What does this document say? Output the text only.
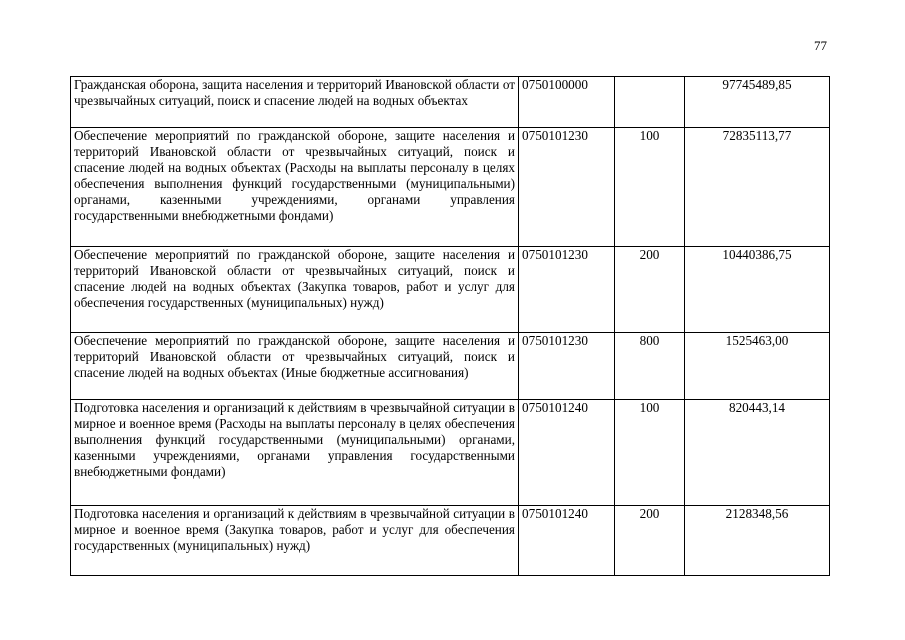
77
Гражданская оборона, защита населения и территорий Ивановской области от чрезвычайных ситуаций, поиск и спасение людей на водных объектах	0750100000		97745489,85
Обеспечение мероприятий по гражданской обороне, защите населения и территорий Ивановской области от чрезвычайных ситуаций, поиск и спасение людей на водных объектах (Расходы на выплаты персоналу в целях обеспечения выполнения функций государственными (муниципальными) органами, казенными учреждениями, органами управления государственными внебюджетными фондами)	0750101230	100	72835113,77
Обеспечение мероприятий по гражданской обороне, защите населения и территорий Ивановской области от чрезвычайных ситуаций, поиск и спасение людей на водных объектах (Закупка товаров, работ и услуг для обеспечения государственных (муниципальных) нужд)	0750101230	200	10440386,75
Обеспечение мероприятий по гражданской обороне, защите населения и территорий Ивановской области от чрезвычайных ситуаций, поиск и спасение людей на водных объектах (Иные бюджетные ассигнования)	0750101230	800	1525463,00
Подготовка населения и организаций к действиям в чрезвычайной ситуации в мирное и военное время (Расходы на выплаты персоналу в целях обеспечения выполнения функций государственными (муниципальными) органами, казенными учреждениями, органами управления государственными внебюджетными фондами)	0750101240	100	820443,14
Подготовка населения и организаций к действиям в чрезвычайной ситуации в мирное и военное время (Закупка товаров, работ и услуг для обеспечения государственных (муниципальных) нужд)	0750101240	200	2128348,56
